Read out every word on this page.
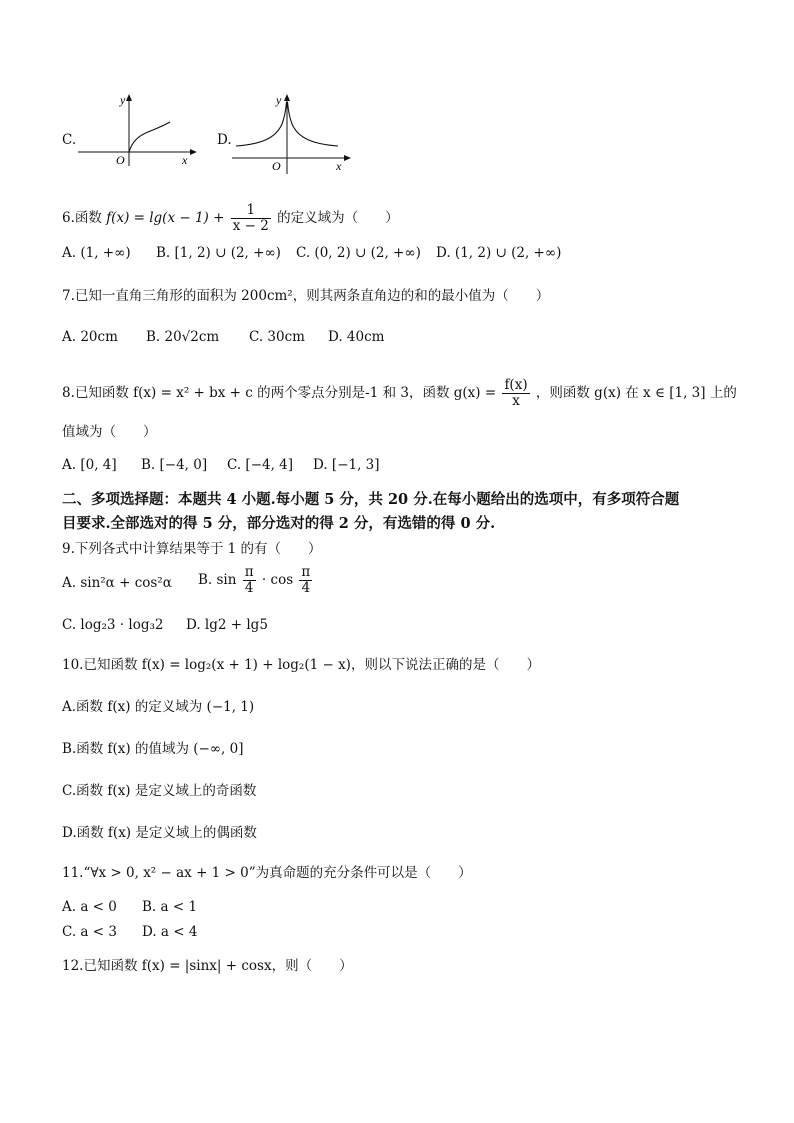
C.
y
x
O
D.
y
x
O
6.函数 $f(x) = \lg(x - 1) + \frac{1}{x - 2}$ 的定义域为（　　）
A. (1, +∞) B. [1, 2) ∪ (2, +∞) C. (0, 2) ∪ (2, +∞) D. (1, 2) ∪ (2, +∞)
7.已知一直角三角形的面积为 200cm²，则其两条直角边的和的最小值为（　　）
A. 20cm B. 20√2cm C. 30cm D. 40cm
8.已知函数 f(x) = x² + bx + c 的两个零点分别是-1 和 3，函数 $g(x) = \frac{f(x)}{x}$ ，则函数 g(x) 在 x ∈ [1, 3] 上的
值域为（　　）
A. [0, 4] B. [−4, 0] C. [−4, 4] D. [−1, 3]
二、多项选择题：本题共 4 小题.每小题 5 分，共 20 分.在每小题给出的选项中，有多项符合题
目要求.全部选对的得 5 分，部分选对的得 2 分，有选错的得 0 分.
9.下列各式中计算结果等于 1 的有（　　）
A. sin²α + cos²α B. $\sin \frac{\pi}{4} \cdot \cos \frac{\pi}{4}$
C. log₂3 · log₃2 D. lg2 + lg5
10.已知函数 f(x) = log₂(x + 1) + log₂(1 − x)，则以下说法正确的是（　　）
A.函数 f(x) 的定义域为 (−1, 1)
B.函数 f(x) 的值域为 (−∞, 0]
C.函数 f(x) 是定义域上的奇函数
D.函数 f(x) 是定义域上的偶函数
11.“∀x > 0, x² − ax + 1 > 0”为真命题的充分条件可以是（　　）
A. a < 0 B. a < 1
C. a < 3 D. a < 4
12.已知函数 f(x) = |sinx| + cosx，则（　　）
